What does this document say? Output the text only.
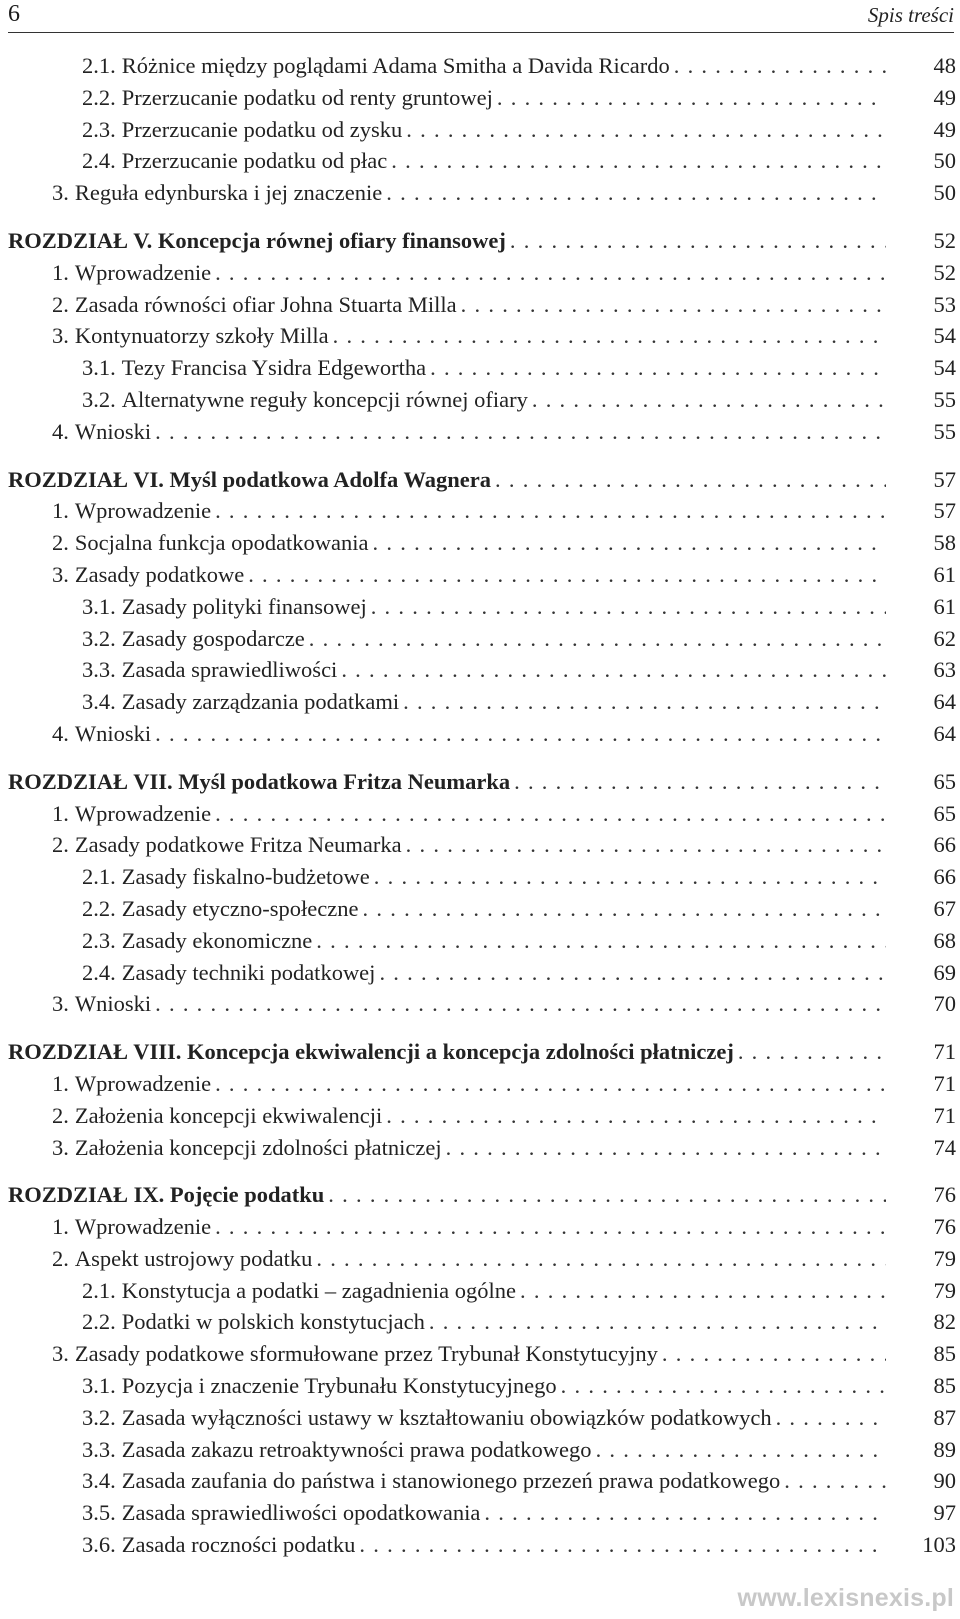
6	Spis treści
2.1. Różnice między poglądami Adama Smitha a Davida Ricardo . . .	48
2.2. Przerzucanie podatku od renty gruntowej . . .	49
2.3. Przerzucanie podatku od zysku . . .	49
2.4. Przerzucanie podatku od płac . . .	50
3. Reguła edynburska i jej znaczenie . . .	50
ROZDZIAŁ V. Koncepcja równej ofiary finansowej . . .	52
1. Wprowadzenie . . .	52
2. Zasada równości ofiar Johna Stuarta Milla . . .	53
3. Kontynuatorzy szkoły Milla . . .	54
3.1. Tezy Francisa Ysidra Edgewortha . . .	54
3.2. Alternatywne reguły koncepcji równej ofiary . . .	55
4. Wnioski . . .	55
ROZDZIAŁ VI. Myśl podatkowa Adolfa Wagnera . . .	57
1. Wprowadzenie . . .	57
2. Socjalna funkcja opodatkowania . . .	58
3. Zasady podatkowe . . .	61
3.1. Zasady polityki finansowej . . .	61
3.2. Zasady gospodarcze . . .	62
3.3. Zasada sprawiedliwości . . .	63
3.4. Zasady zarządzania podatkami . . .	64
4. Wnioski . . .	64
ROZDZIAŁ VII. Myśl podatkowa Fritza Neumarka . . .	65
1. Wprowadzenie . . .	65
2. Zasady podatkowe Fritza Neumarka . . .	66
2.1. Zasady fiskalno-budżetowe . . .	66
2.2. Zasady etyczno-społeczne . . .	67
2.3. Zasady ekonomiczne . . .	68
2.4. Zasady techniki podatkowej . . .	69
3. Wnioski . . .	70
ROZDZIAŁ VIII. Koncepcja ekwiwalencji a koncepcja zdolności płatniczej . . .	71
1. Wprowadzenie . . .	71
2. Założenia koncepcji ekwiwalencji . . .	71
3. Założenia koncepcji zdolności płatniczej . . .	74
ROZDZIAŁ IX. Pojęcie podatku . . .	76
1. Wprowadzenie . . .	76
2. Aspekt ustrojowy podatku . . .	79
2.1. Konstytucja a podatki – zagadnienia ogólne . . .	79
2.2. Podatki w polskich konstytucjach . . .	82
3. Zasady podatkowe sformułowane przez Trybunał Konstytucyjny . . .	85
3.1. Pozycja i znaczenie Trybunału Konstytucyjnego . . .	85
3.2. Zasada wyłączności ustawy w kształtowaniu obowiązków podatkowych . . .	87
3.3. Zasada zakazu retroaktywności prawa podatkowego . . .	89
3.4. Zasada zaufania do państwa i stanowionego przezeń prawa podatkowego . . .	90
3.5. Zasada sprawiedliwości opodatkowania . . .	97
3.6. Zasada roczności podatku . . .	103
www.lexisnexis.pl
